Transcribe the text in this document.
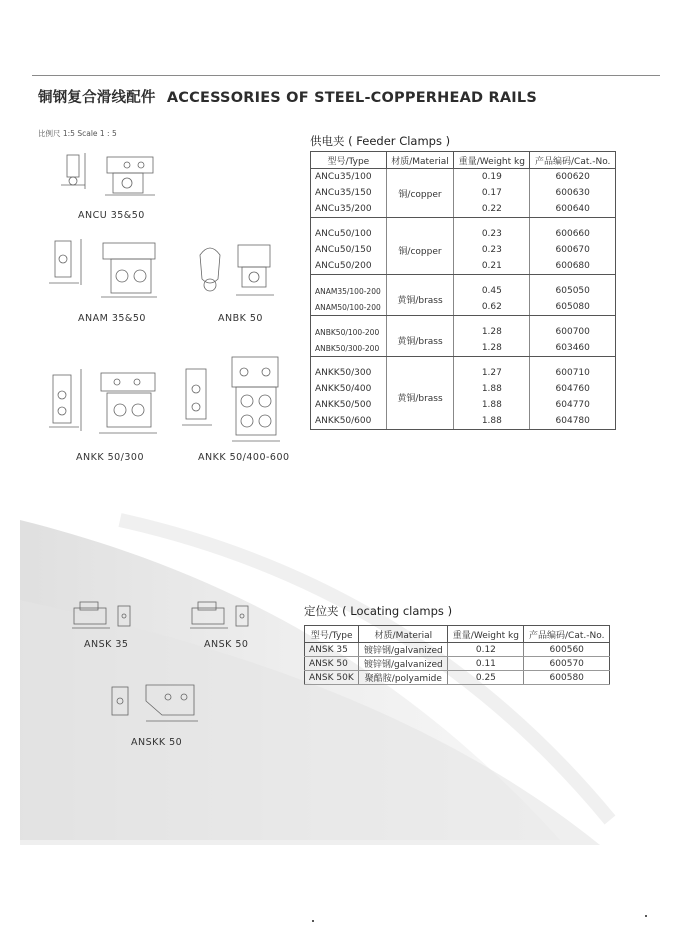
铜钢复合滑线配件 ACCESSORIES OF STEEL-COPPERHEAD RAILS
比例尺 1:5 Scale 1 : 5
ANCU 35&50
ANAM 35&50	ANBK 50
ANKK 50/300	ANKK 50/400-600
供电夹 ( Feeder Clamps )
型号/Type	材质/Material	重量/Weight kg	产品编码/Cat.-No.
ANCu35/100	铜/copper	0.19	600620
ANCu35/150		0.17	600630
ANCu35/200		0.22	600640

ANCu50/100	铜/copper	0.23	600660
ANCu50/150		0.23	600670
ANCu50/200		0.21	600680

ANAM35/100-200	黄铜/brass	0.45	605050
ANAM50/100-200		0.62	605080

ANBK50/100-200	黄铜/brass	1.28	600700
ANBK50/300-200		1.28	603460

ANKK50/300	黄铜/brass	1.27	600710
ANKK50/400		1.88	604760
ANKK50/500		1.88	604770
ANKK50/600		1.88	604780
ANSK 35	ANSK 50
ANSKK 50
定位夹 ( Locating clamps )
型号/Type	材质/Material	重量/Weight kg	产品编码/Cat.-No.
ANSK 35	镀锌钢/galvanized	0.12	600560
ANSK 50	镀锌钢/galvanized	0.11	600570
ANSK 50K	聚酷胺/polyamide	0.25	600580
